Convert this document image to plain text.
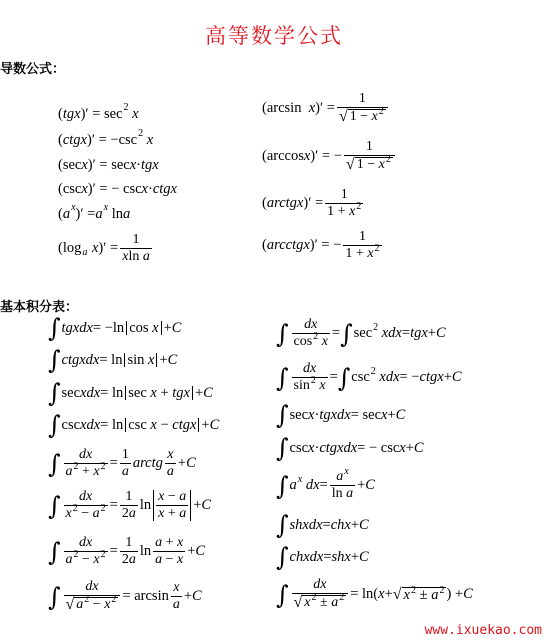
高等数学公式
导数公式：
基本积分表：
( tgx )′ = sec 2
x
( ctgx )′ = −csc 2
x
(sec x )′ = sec x · tgx
(csc x )′ = − csc x · ctgx
( a x )′ = a x ln a
(log a
x )′ = $\frac{1}{\text{xln a}}$
(arcsin x )′ = $\frac{1}{√ 1 - x^2}$
(arccos x )′ = − $\frac{1}{√ 1 - x^2}$
( arctgx )′ = $\frac{1}{1 + x^2}$
( arcctgx )′ = − $\frac{1}{1 + x^2}$
∫ tgxdx = −ln cos x + C
∫ ctgxdx = ln sin x + C
∫ sec xdx = ln sec x + tgx + C
∫ csc xdx = ln csc x − ctgx + C
∫ $\frac{dx}{a^2 + x^2} = \frac{1}{a}$ arctg $\frac{x}{a} + C$
∫ $\frac{dx}{x^2 - a^2} = \frac{1}{2a}$ $\ln \frac{x - a}{x + a} + C$
∫ $\frac{dx}{a^2 - x^2} = \frac{1}{2a}$ $\ln \frac{a + x}{a - x} + C$
∫ $\frac{dx}{√ a^2 - x^2} = \arcsin \frac{x}{a} + C$
∫ $\frac{dx}{\cos^2 x}$ = ∫ sec 2
xdx = tgx + C
∫ $\frac{dx}{\sin^2 x}$ = ∫ csc 2
xdx = − ctgx + C
∫ sec x · tgxdx = sec x + C
∫ csc x · ctgxdx = − csc x + C
∫ a x
dx = $\frac{a^x}{\text{ln a}} + C$
∫ shxdx = chx + C
∫ chxdx = shx + C
∫ $\frac{dx}{√ x^2 \pm a^2} = \ln$( x + √ $x^2 \pm a^2$ ) + C
www.ixuekao.com
